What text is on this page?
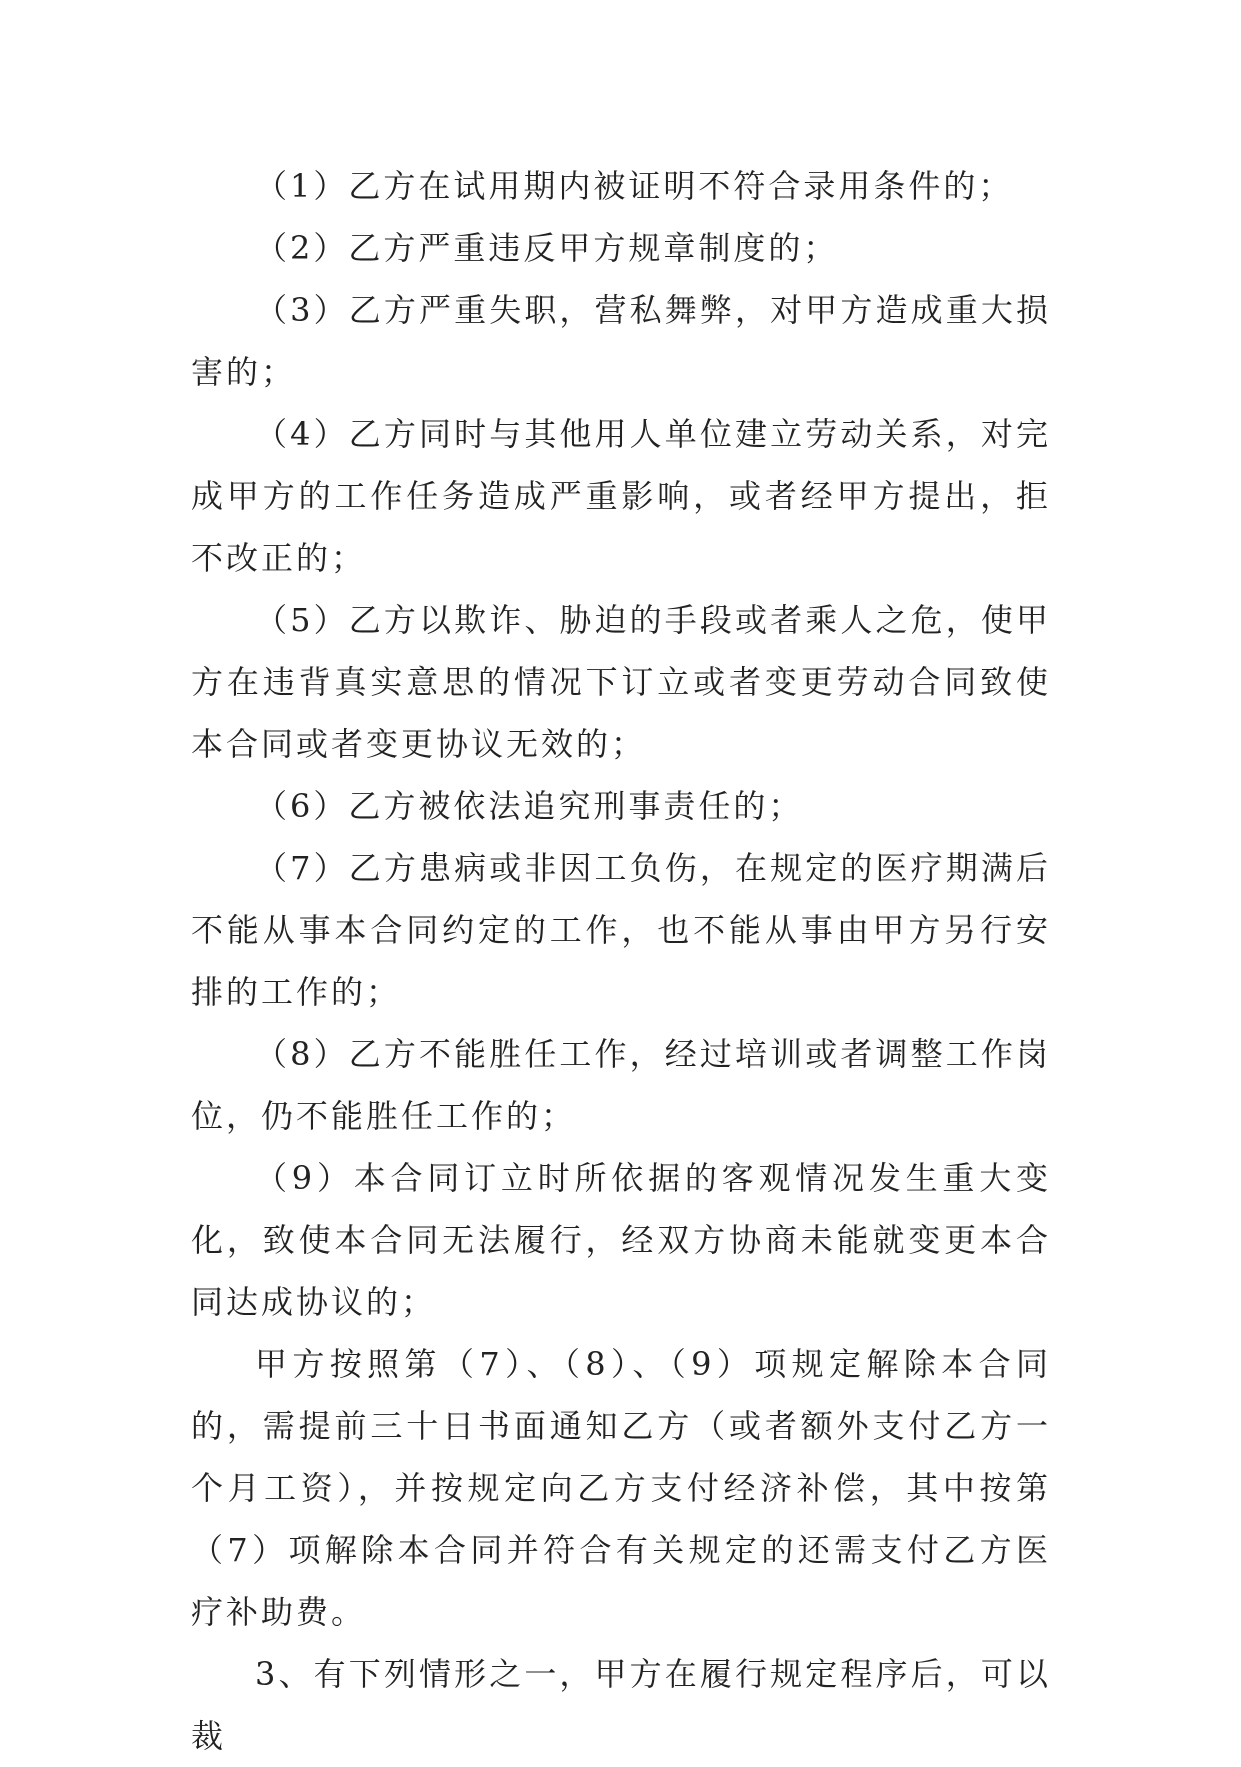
（1）乙方在试用期内被证明不符合录用条件的；

（2）乙方严重违反甲方规章制度的；

（3）乙方严重失职，营私舞弊，对甲方造成重大损害的；

（4）乙方同时与其他用人单位建立劳动关系，对完成甲方的工作任务造成严重影响，或者经甲方提出，拒不改正的；

（5）乙方以欺诈、胁迫的手段或者乘人之危，使甲方在违背真实意思的情况下订立或者变更劳动合同致使本合同或者变更协议无效的；

（6）乙方被依法追究刑事责任的；

（7）乙方患病或非因工负伤，在规定的医疗期满后不能从事本合同约定的工作，也不能从事由甲方另行安排的工作的；

（8）乙方不能胜任工作，经过培训或者调整工作岗位，仍不能胜任工作的；

（9）本合同订立时所依据的客观情况发生重大变化，致使本合同无法履行，经双方协商未能就变更本合同达成协议的；

甲方按照第（7）、（8）、（9）项规定解除本合同的，需提前三十日书面通知乙方（或者额外支付乙方一个月工资），并按规定向乙方支付经济补偿，其中按第（7）项解除本合同并符合有关规定的还需支付乙方医疗补助费。

3、有下列情形之一，甲方在履行规定程序后，可以裁
